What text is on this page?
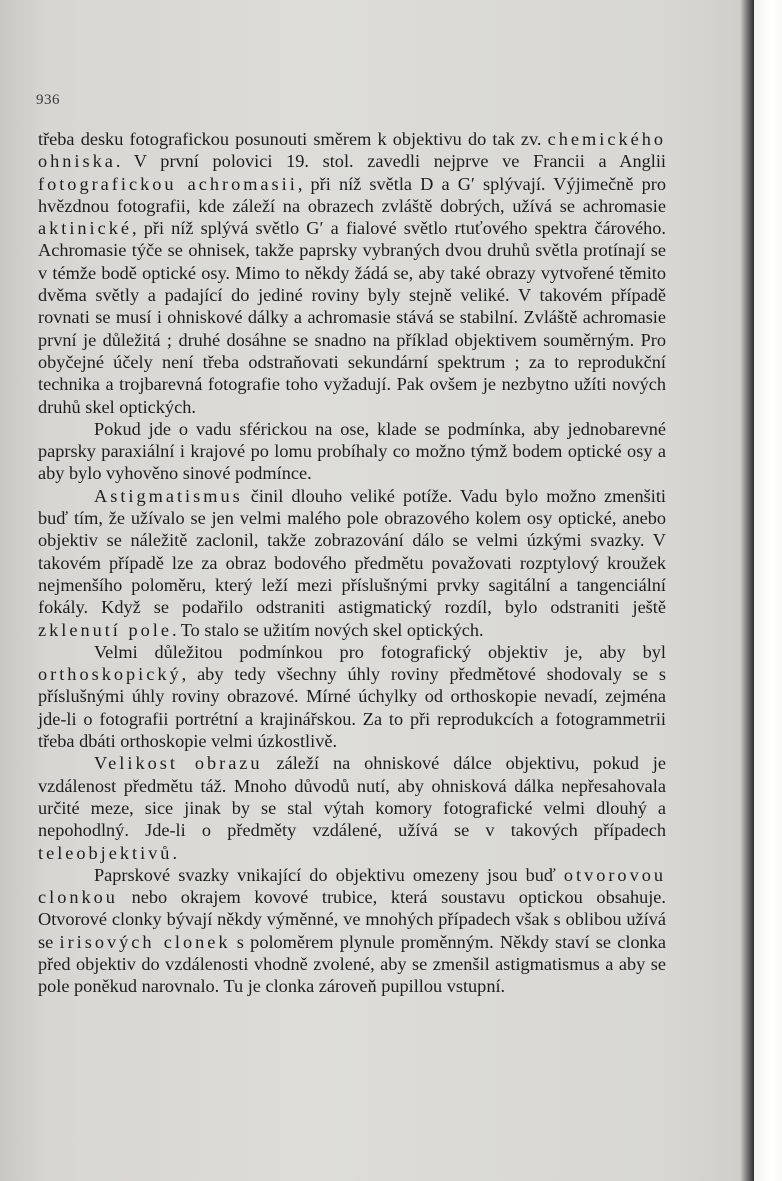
936

třeba desku fotografickou posunouti směrem k objektivu do tak zv. chemického ohniska. V první polovici 19. stol. zavedli nejprve ve Francii a Anglii fotografickou achromasii, při níž světla D a G′ splývají. Výjimečně pro hvězdnou fotografii, kde záleží na obrazech zvláště dobrých, užívá se achromasie aktinické, při níž splývá světlo G′ a fialové světlo rtuťového spektra čárového. Achromasie týče se ohnisek, takže paprsky vybraných dvou druhů světla protínají se v témže bodě optické osy. Mimo to někdy žádá se, aby také obrazy vytvořené těmito dvěma světly a padající do jediné roviny byly stejně veliké. V takovém případě rovnati se musí i ohniskové dálky a achromasie stává se stabilní. Zvláště achromasie první je důležitá ; druhé dosáhne se snadno na příklad objektivem souměrným. Pro obyčejné účely není třeba odstraňovati sekundární spektrum ; za to reprodukční technika a trojbarevná fotografie toho vyžadují. Pak ovšem je nezbytno užíti nových druhů skel optických.

Pokud jde o vadu sférickou na ose, klade se podmínka, aby jednobarevné paprsky paraxiální i krajové po lomu probíhaly co možno týmž bodem optické osy a aby bylo vyhověno sinové podmínce.

Astigmatismus činil dlouho veliké potíže. Vadu bylo možno zmenšiti buď tím, že užívalo se jen velmi malého pole obrazového kolem osy optické, anebo objektiv se náležitě zaclonil, takže zobrazování dálo se velmi úzkými svazky. V takovém případě lze za obraz bodového předmětu považovati rozptylový kroužek nejmenšího poloměru, který leží mezi příslušnými prvky sagitální a tangenciální fokály. Když se podařilo odstraniti astigmatický rozdíl, bylo odstraniti ještě zklenutí pole. To stalo se užitím nových skel optických.

Velmi důležitou podmínkou pro fotografický objektiv je, aby byl orthoskopický, aby tedy všechny úhly roviny předmětové shodovaly se s příslušnými úhly roviny obrazové. Mírné úchylky od orthoskopie nevadí, zejména jde-li o fotografii portrétní a krajinářskou. Za to při reprodukcích a fotogrammetrii třeba dbáti orthoskopie velmi úzkostlivě.

Velikost obrazu záleží na ohniskové dálce objektivu, pokud je vzdálenost předmětu táž. Mnoho důvodů nutí, aby ohnisková dálka nepřesahovala určité meze, sice jinak by se stal výtah komory fotografické velmi dlouhý a nepohodlný. Jde-li o předměty vzdálené, užívá se v takových případech teleobjektivů.

Paprskové svazky vnikající do objektivu omezeny jsou buď otvorovou clonkou nebo okrajem kovové trubice, která soustavu optickou obsahuje. Otvorové clonky bývají někdy výměnné, ve mnohých případech však s oblibou užívá se irisových clonek s poloměrem plynule proměnným. Někdy staví se clonka před objektiv do vzdálenosti vhodně zvolené, aby se zmenšil astigmatismus a aby se pole poněkud narovnalo. Tu je clonka zároveň pupillou vstupní.
